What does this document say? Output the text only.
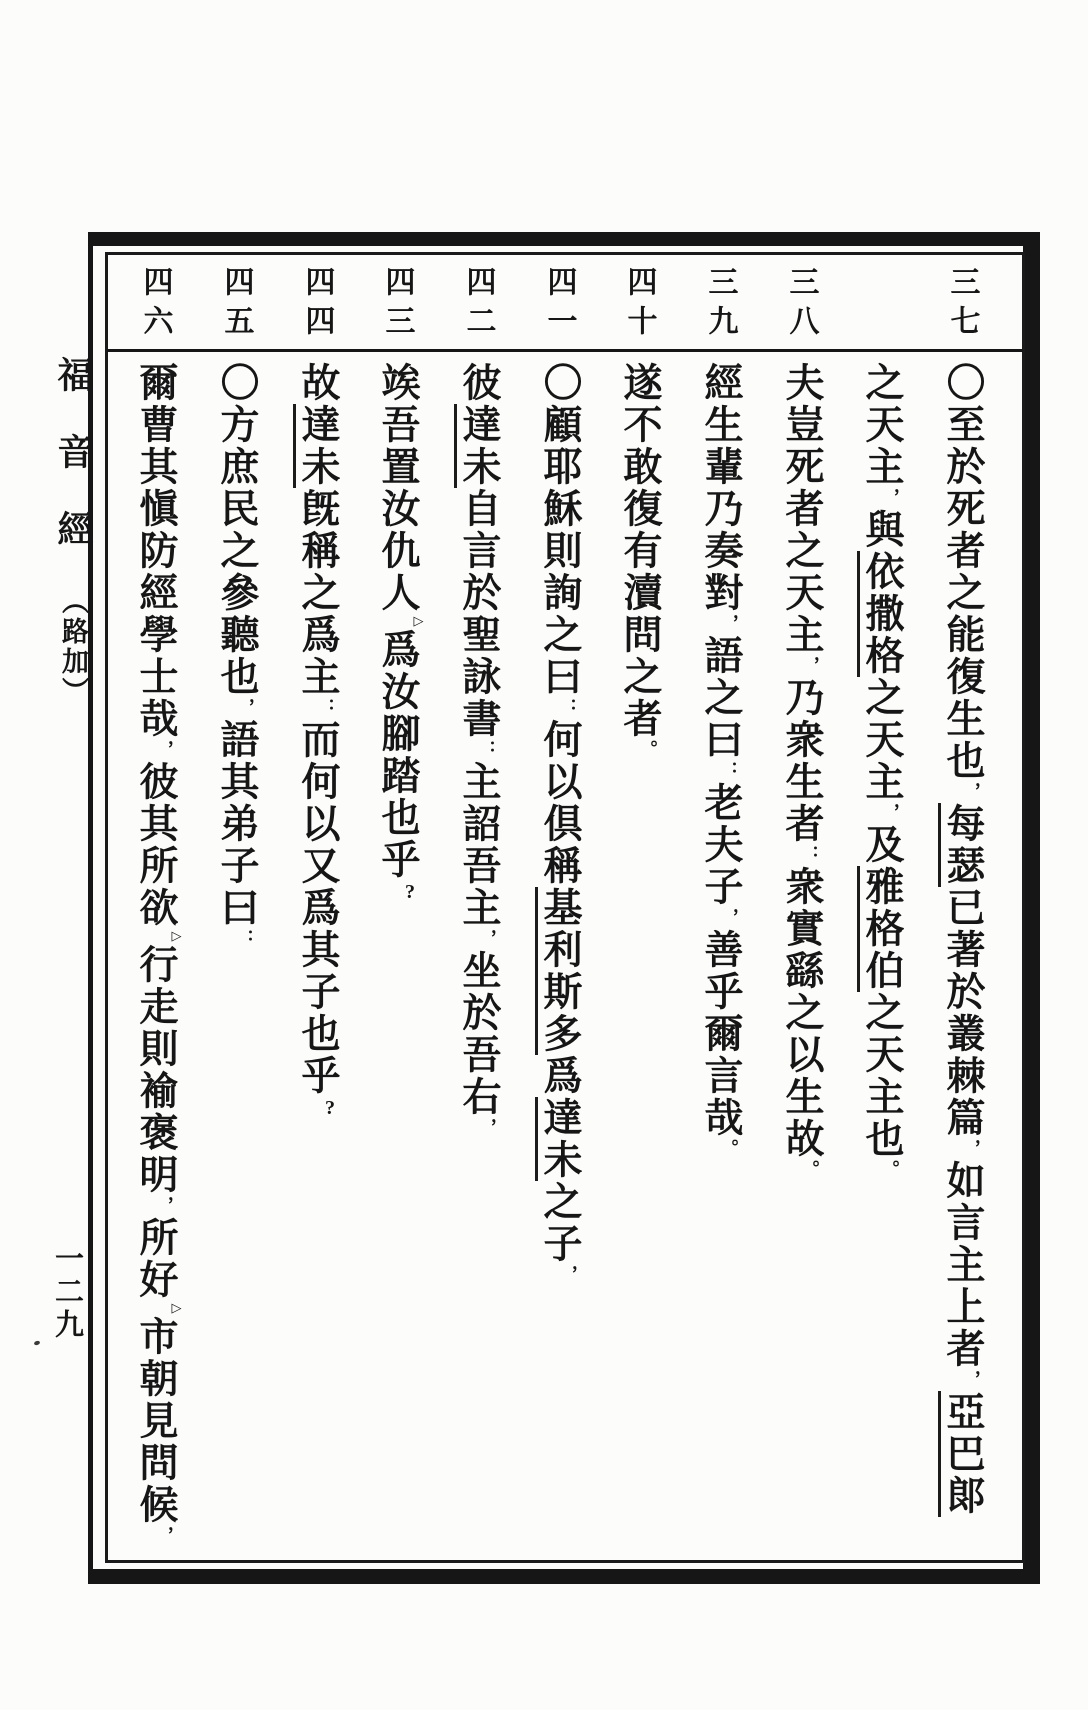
福音經（路加）
一二九
三七
三八
三九
四十
四一
四二
四三
四四
四五
四六
〇至於死者之能復生也，每瑟已著於叢棘篇，如言主上者，亞巴郞
之天主，與依撒格之天主，及雅格伯之天主也。
夫豈死者之天主，乃衆生者：衆實繇之以生故。
經生輩乃奏對，語之曰：老夫子，善乎爾言哉。
遂不敢復有瀆問之者。
〇顧耶穌則詢之曰：何以倶稱基利斯多爲達未之子，
彼達未自言於聖詠書：主詔吾主，坐於吾右，
竢吾置汝仇人▷爲汝腳踏也乎?
故達未旣稱之爲主：而何以又爲其子也乎?
〇方庶民之參聽也，語其弟子曰：
爾曹其愼防經學士哉，彼其所欲▷行走則褕褒明，所好▷市朝見問候，
